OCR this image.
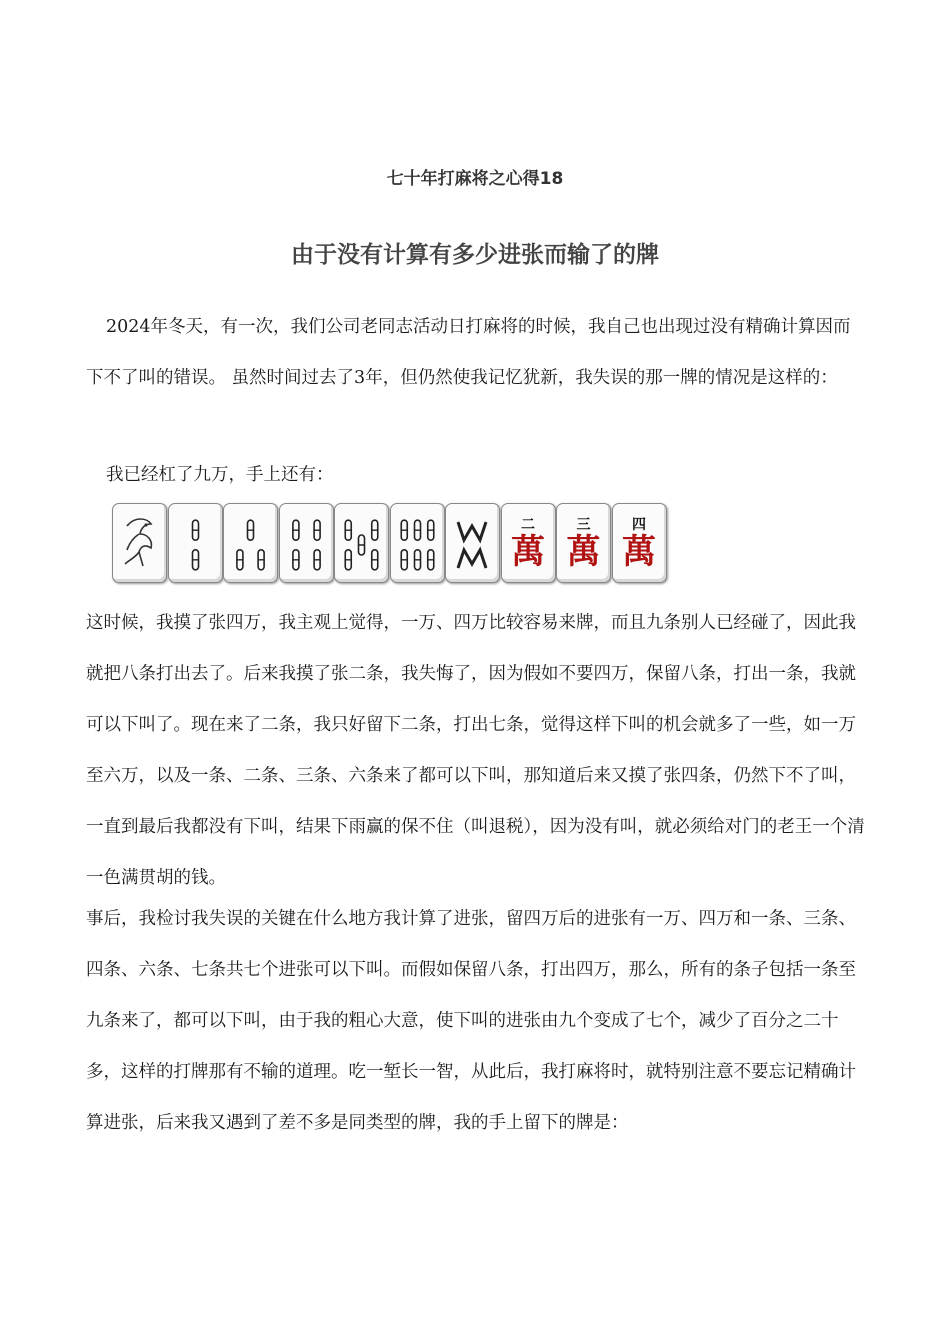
七十年打麻将之心得18
由于没有计算有多少进张而输了的牌

2024年冬天，有一次，我们公司老同志活动日打麻将的时候，我自己也出现过没有精确计算因而下不了叫的错误。 虽然时间过去了3年，但仍然使我记忆犹新，我失误的那一牌的情况是这样的：

我已经杠了九万，手上还有：

二
萬
三
萬
四
萬

这时候，我摸了张四万，我主观上觉得，一万、四万比较容易来牌，而且九条别人已经碰了，因此我就把八条打出去了。后来我摸了张二条，我失悔了，因为假如不要四万，保留八条，打出一条，我就可以下叫了。现在来了二条，我只好留下二条，打出七条，觉得这样下叫的机会就多了一些，如一万至六万，以及一条、二条、三条、六条来了都可以下叫，那知道后来又摸了张四条，仍然下不了叫，一直到最后我都没有下叫，结果下雨赢的保不住（叫退税），因为没有叫，就必须给对门的老王一个清一色满贯胡的钱。

事后，我检讨我失误的关键在什么地方我计算了进张，留四万后的进张有一万、四万和一条、三条、四条、六条、七条共七个进张可以下叫。而假如保留八条，打出四万，那么，所有的条子包括一条至九条来了，都可以下叫，由于我的粗心大意，使下叫的进张由九个变成了七个，减少了百分之二十多，这样的打牌那有不输的道理。吃一堑长一智，从此后，我打麻将时，就特别注意不要忘记精确计算进张，后来我又遇到了差不多是同类型的牌，我的手上留下的牌是：
